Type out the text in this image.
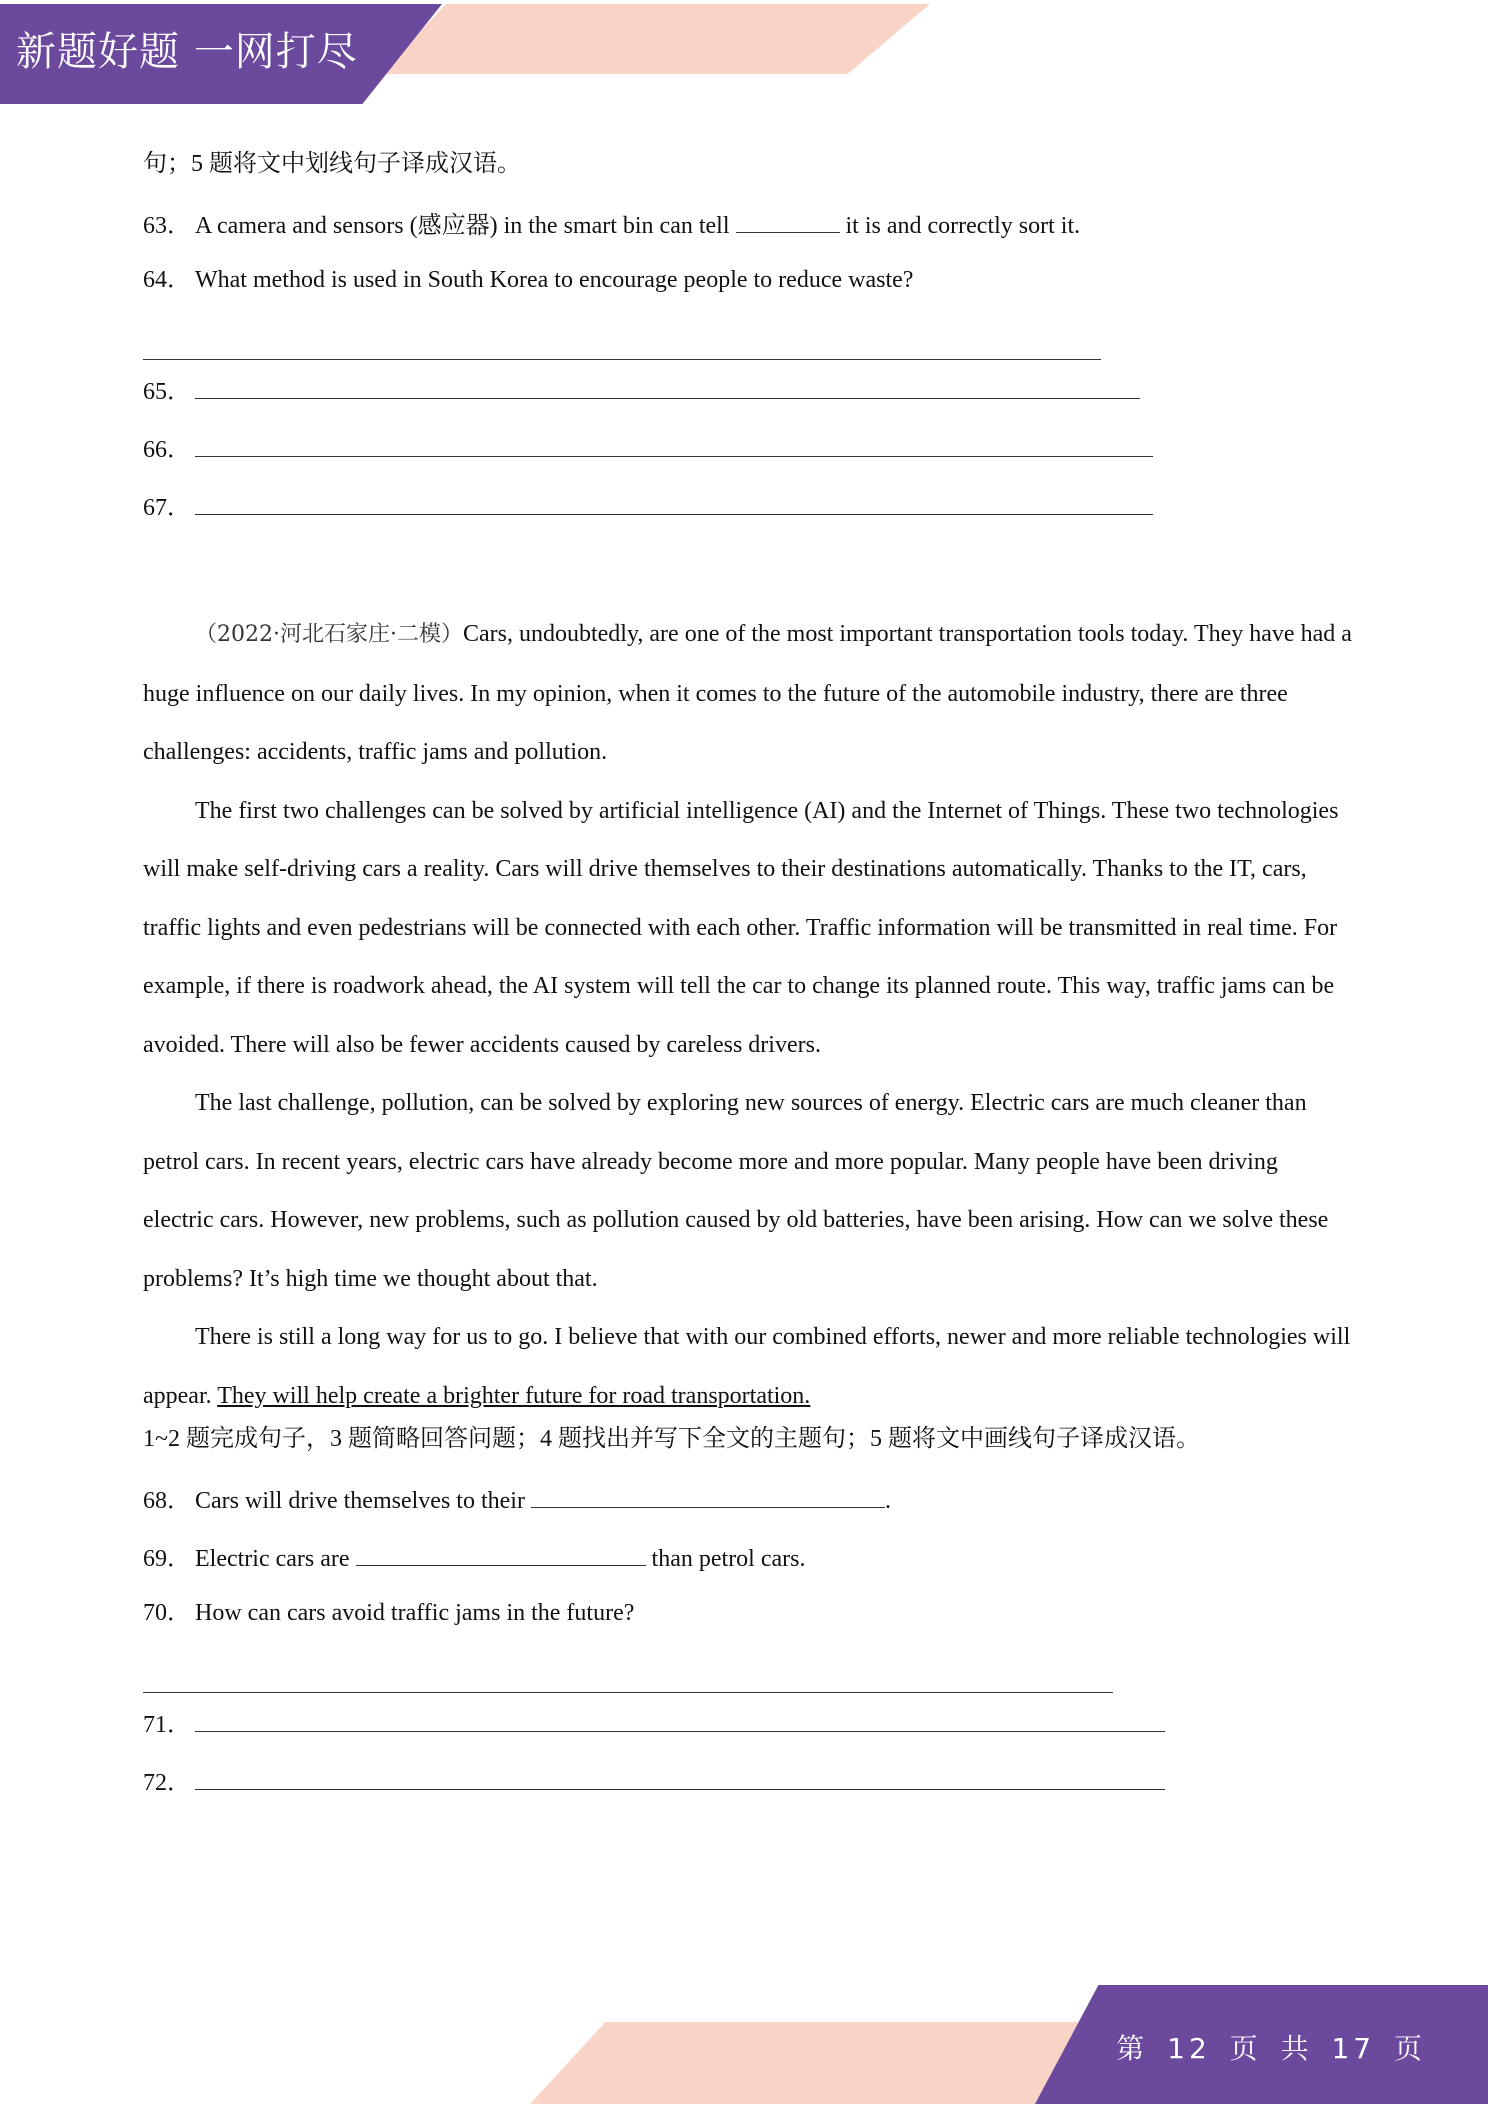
新题好题 一网打尽
句；5 题将文中划线句子译成汉语。
63． A camera and sensors (感应器) in the smart bin can tell	it is and correctly sort it.
64． What method is used in South Korea to encourage people to reduce waste?
65．
66．
67．

（2022·河北石家庄·二模）Cars, undoubtedly, are one of the most important transportation tools today. They have had a huge influence on our daily lives. In my opinion, when it comes to the future of the automobile industry, there are three challenges: accidents, traffic jams and pollution.

The first two challenges can be solved by artificial intelligence (AI) and the Internet of Things. These two technologies will make self-driving cars a reality. Cars will drive themselves to their destinations automatically. Thanks to the IT, cars, traffic lights and even pedestrians will be connected with each other. Traffic information will be transmitted in real time. For example, if there is roadwork ahead, the AI system will tell the car to change its planned route. This way, traffic jams can be avoided. There will also be fewer accidents caused by careless drivers.

The last challenge, pollution, can be solved by exploring new sources of energy. Electric cars are much cleaner than petrol cars. In recent years, electric cars have already become more and more popular. Many people have been driving electric cars. However, new problems, such as pollution caused by old batteries, have been arising. How can we solve these problems? It’s high time we thought about that.

There is still a long way for us to go. I believe that with our combined efforts, newer and more reliable technologies will appear. They will help create a brighter future for road transportation.

1~2 题完成句子，3 题简略回答问题；4 题找出并写下全文的主题句；5 题将文中画线句子译成汉语。
68． Cars will drive themselves to their	.
69． Electric cars are	than petrol cars.
70． How can cars avoid traffic jams in the future?
71．
72．
第 12 页 共 17 页
